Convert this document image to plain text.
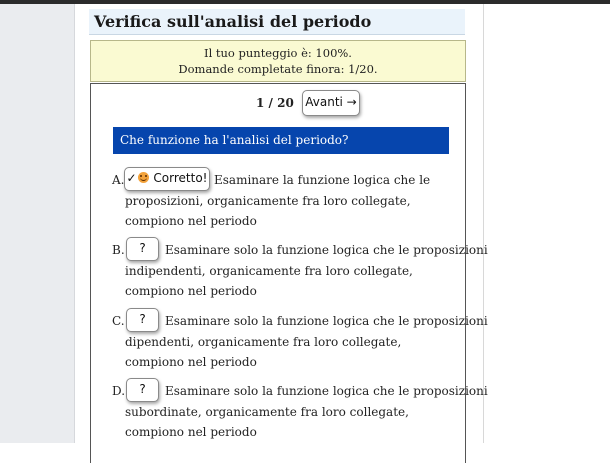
Verifica sull'analisi del periodo
Il tuo punteggio è: 100%.
Domande completate finora: 1/20.
1 / 20 Avanti →
Che funzione ha l'analisi del periodo?
A. ✓ Corretto! Esaminare la funzione logica che le
proposizioni, organicamente fra loro collegate, compiono nel periodo
B.	?	Esaminare solo la funzione logica che le proposizioni
indipendenti, organicamente fra loro collegate, compiono nel periodo
C.	?	Esaminare solo la funzione logica che le proposizioni
dipendenti, organicamente fra loro collegate, compiono nel periodo
D.	?	Esaminare solo la funzione logica che le proposizioni
subordinate, organicamente fra loro collegate, compiono nel periodo
